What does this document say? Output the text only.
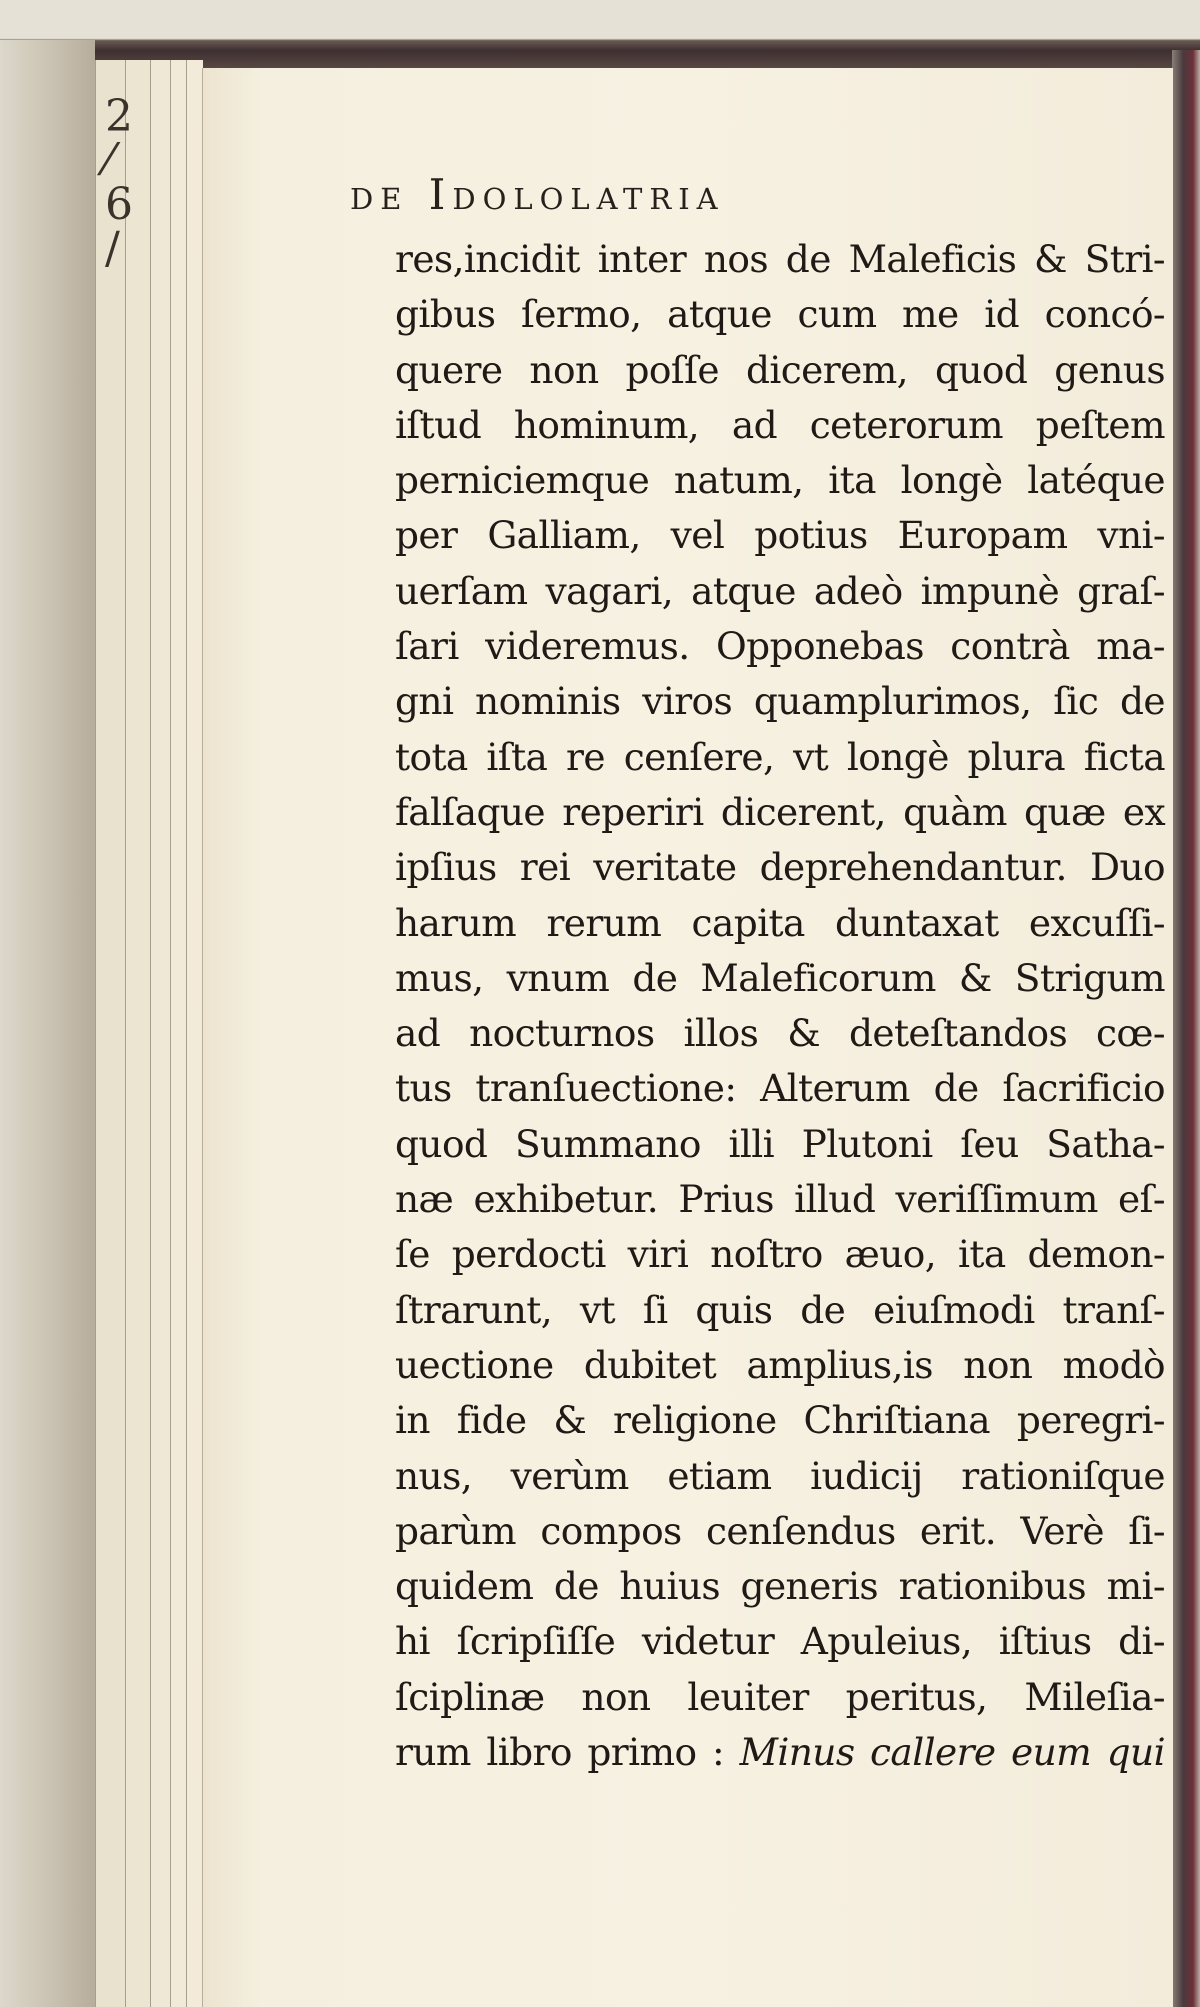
2 ⁄ 6 /
de Idololatria
res,incidit inter nos de Maleficis & Stri-
gibus ſermo, atque cum me id concó-
quere non poſſe dicerem, quod genus
iſtud hominum, ad ceterorum peſtem
perniciemque natum, ita longè latéque
per Galliam, vel potius Europam vni-
uerſam vagari, atque adeò impunè graſ-
ſari videremus. Opponebas contrà ma-
gni nominis viros quamplurimos, ſic de
tota iſta re cenſere, vt longè plura ficta
falſaque reperiri dicerent, quàm quæ ex
ipſius rei veritate deprehendantur. Duo
harum rerum capita duntaxat excuſſi-
mus, vnum de Maleficorum & Strigum
ad nocturnos illos & deteſtandos cœ-
tus tranſuectione: Alterum de ſacrificio
quod Summano illi Plutoni ſeu Satha-
næ exhibetur. Prius illud veriſſimum eſ-
ſe perdocti viri noſtro æuo, ita demon-
ſtrarunt, vt ſi quis de eiuſmodi tranſ-
uectione dubitet amplius,is non modò
in fide & religione Chriſtiana peregri-
nus, verùm etiam iudicij rationiſque
parùm compos cenſendus erit. Verè ſi-
quidem de huius generis rationibus mi-
hi ſcripſiſſe videtur Apuleius, iſtius di-
ſciplinæ non leuiter peritus, Mileſia-
rum libro primo : Minus callere eum qui
